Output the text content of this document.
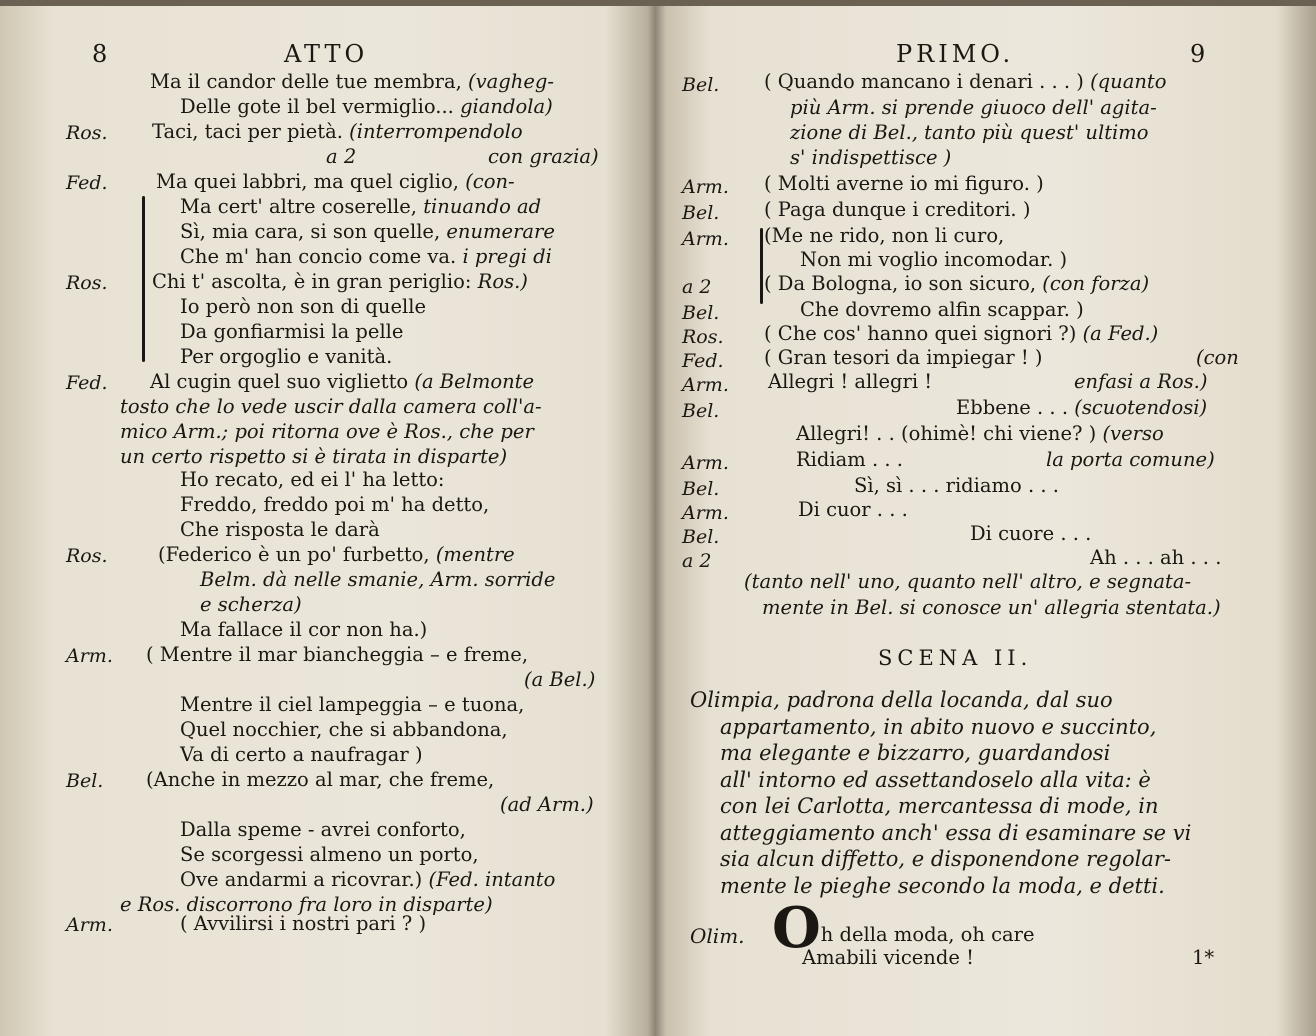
8	ATTO
Ma il candor delle tue membra, (vagheg-
Delle gote il bel vermiglio... giandola)
Ros. Taci, taci per pietà. (interrompendolo
a 2	con grazia)
Fed. Ma quei labbri, ma quel ciglio, (con-
Ma cert' altre coserelle, tinuando ad
Sì, mia cara, si son quelle, enumerare
Che m' han concio come va. i pregi di
Ros. Chi t' ascolta, è in gran periglio: Ros.)
Io però non son di quelle
Da gonfiarmisi la pelle
Per orgoglio e vanità.
Fed. Al cugin quel suo viglietto (a Belmonte
tosto che lo vede uscir dalla camera coll'a-
mico Arm.; poi ritorna ove è Ros., che per
un certo rispetto si è tirata in disparte)
Ho recato, ed ei l' ha letto:
Freddo, freddo poi m' ha detto,
Che risposta le darà
Ros.	(Federico è un po' furbetto, (mentre
Belm. dà nelle smanie, Arm. sorride
e scherza)
Ma fallace il cor non ha.)
Arm. ( Mentre il mar biancheggia – e freme,
(a Bel.)
Mentre il ciel lampeggia – e tuona,
Quel nocchier, che si abbandona,
Va di certo a naufragar )
Bel. (Anche in mezzo al mar, che freme,
(ad Arm.)
Dalla speme - avrei conforto,
Se scorgessi almeno un porto,
Ove andarmi a ricovrar.) (Fed. intanto
e Ros. discorrono fra loro in disparte)
Arm.	( Avvilirsi i nostri pari ? )
PRIMO.	9
Bel. ( Quando mancano i denari . . . ) (quanto
più Arm. si prende giuoco dell' agita-
zione di Bel., tanto più quest' ultimo
s' indispettisce )
Arm. ( Molti averne io mi figuro. )
Bel. ( Paga dunque i creditori. )
Arm. (Me ne rido, non li curo,
Non mi voglio incomodar. )
a 2	( Da Bologna, io son sicuro, (con forza)
Bel.	Che dovremo alfin scappar. )
Ros. ( Che cos' hanno quei signori ?) (a Fed.)
Fed. ( Gran tesori da impiegar ! )	(con
Arm. Allegri ! allegri !	enfasi a Ros.)
Bel.	Ebbene . . . (scuotendosi)
Allegri! . . (ohimè! chi viene? ) (verso
Arm.	Ridiam . . .	la porta comune)
Bel.	Sì, sì . . . ridiamo . . .
Arm.	Di cuor . . .
Bel.	Di cuore . . .
a 2	Ah . . . ah . . .
(tanto nell' uno, quanto nell' altro, e segnata-
mente in Bel. si conosce un' allegria stentata.)
SCENA II.
Olimpia, padrona della locanda, dal suo
appartamento, in abito nuovo e succinto,
ma elegante e bizzarro, guardandosi
all' intorno ed assettandoselo alla vita: è
con lei Carlotta, mercantessa di mode, in
atteggiamento anch' essa di esaminare se vi
sia alcun diffetto, e disponendone regolar-
mente le pieghe secondo la moda, e detti.
Olim. Oh della moda, oh care
Amabili vicende !	1*
